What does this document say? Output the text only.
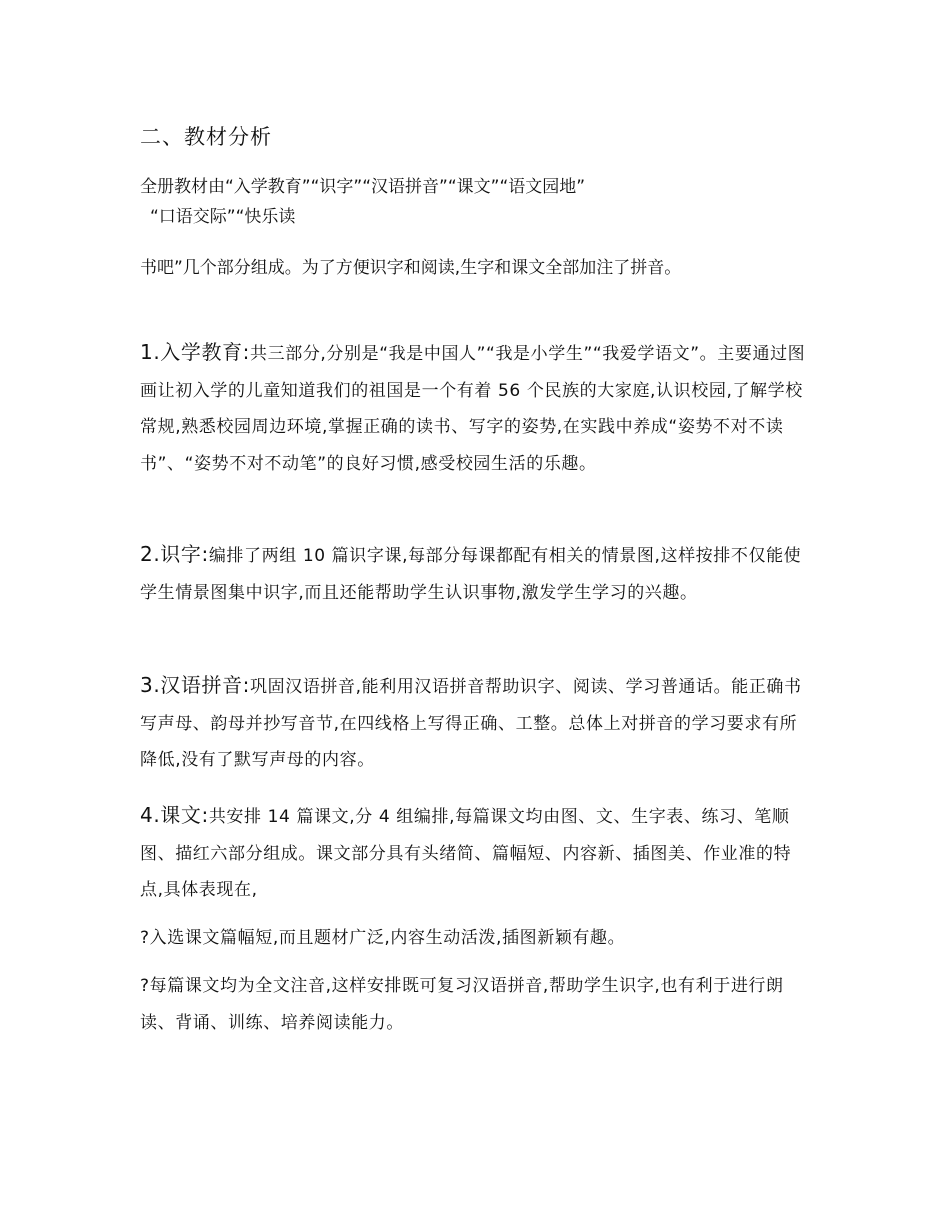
二、教材分析
全册教材由“入学教育”“识字”“汉语拼音”“课文”“语文园地”
“口语交际”“快乐读
书吧”几个部分组成。为了方便识字和阅读,生字和课文全部加注了拼音。
1.入学教育:共三部分,分别是“我是中国人”“我是小学生”“我爱学语文”。主要通过图画让初入学的儿童知道我们的祖国是一个有着 56 个民族的大家庭,认识校园,了解学校常规,熟悉校园周边环境,掌握正确的读书、写字的姿势,在实践中养成“姿势不对不读书”、“姿势不对不动笔”的良好习惯,感受校园生活的乐趣。
2.识字:编排了两组 10 篇识字课,每部分每课都配有相关的情景图,这样按排不仅能使学生情景图集中识字,而且还能帮助学生认识事物,激发学生学习的兴趣。
3.汉语拼音:巩固汉语拼音,能利用汉语拼音帮助识字、阅读、学习普通话。能正确书写声母、韵母并抄写音节,在四线格上写得正确、工整。总体上对拼音的学习要求有所降低,没有了默写声母的内容。
4.课文:共安排 14 篇课文,分 4 组编排,每篇课文均由图、文、生字表、练习、笔顺图、描红六部分组成。课文部分具有头绪简、篇幅短、内容新、插图美、作业准的特点,具体表现在,
?入选课文篇幅短,而且题材广泛,内容生动活泼,插图新颖有趣。
?每篇课文均为全文注音,这样安排既可复习汉语拼音,帮助学生识字,也有利于进行朗读、背诵、训练、培养阅读能力。
